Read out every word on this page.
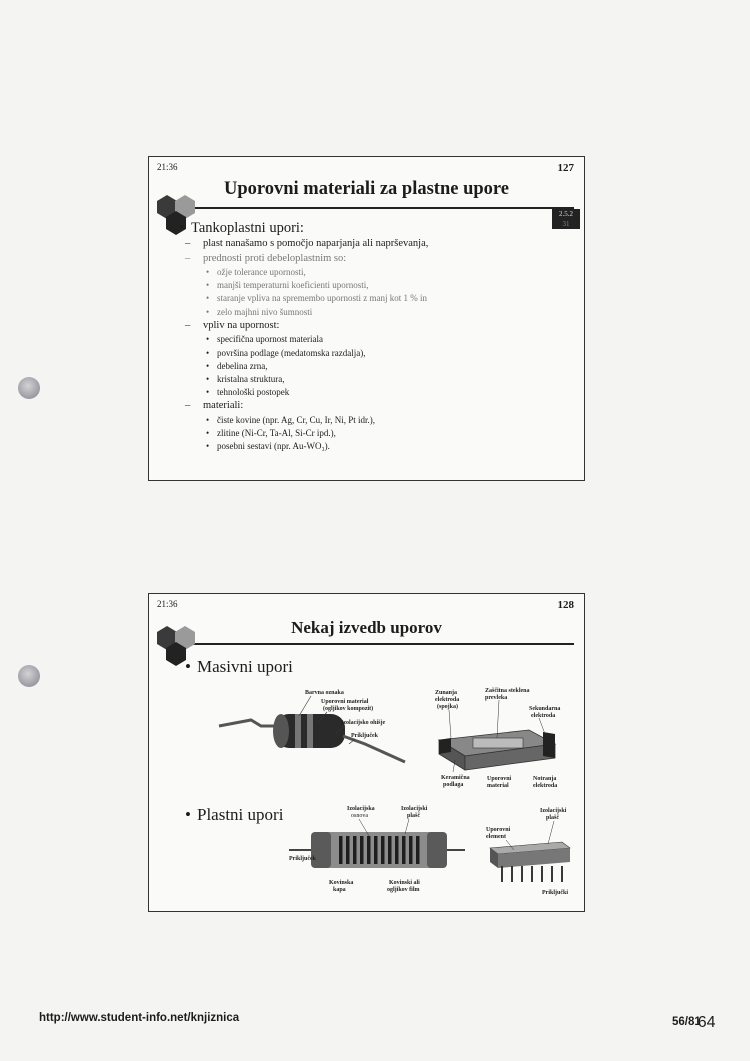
21:36	127
Uporovni materiali za plastne upore
2.5.2
31
• Tankoplastni upori:
– plast nanašamo s pomočjo naparjanja ali naprševanja,
– prednosti proti debeloplastnim so:
• ožje tolerance upornosti,
• manjši temperaturni koeficienti upornosti,
• staranje vpliva na spremembo upornosti z manj kot 1 % in
• zelo majhni nivo šumnosti
– vpliv na upornost:
• specifična upornost materiala
• površina podlage (medatomska razdalja),
• debelina zrna,
• kristalna struktura,
• tehnološki postopek
– materiali:
• čiste kovine (npr. Ag, Cr, Cu, Ir, Ni, Pt idr.),
• zlitine (Ni-Cr, Ta-Al, Si-Cr ipd.),
• posebni sestavi (npr. Au-WO₃).
21:36	128
Nekaj izvedb uporov
• Masivni upori
• Plastni upori
Barvna oznaka
Uporovni material
(ogljikov kompozit)
Izolacijsko ohišje
Priključek
Zunanja
elektroda
(spojka)
Zaščitna steklena
prevleka
Sekundarna
elektroda
Keramična
podlaga
Uporovni
material
Notranja
elektroda
Izolacijska
osnova
Izolacijski
plašč
Priključek
Kovinska
kapa
Kovinski ali
ogljikov film
Izolacijski
plašč
Uporovni
element
Priključki
http://www.student-info.net/knjiznica	56/8164
